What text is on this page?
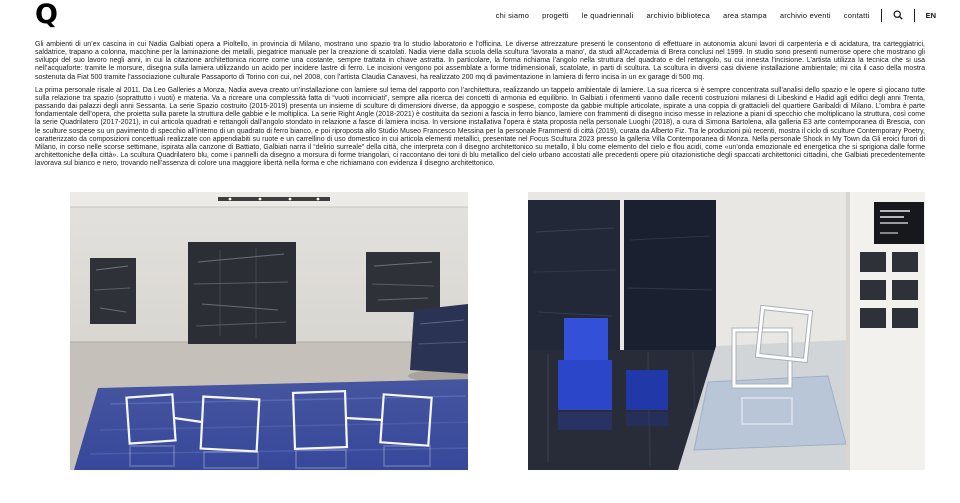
Q	chi siamo progetti le quadriennali archivio biblioteca area stampa archivio eventi contatti	EN

Gli ambienti di un’ex cascina in cui Nadia Galbiati opera a Pioltello, in provincia di Milano, mostrano uno spazio tra lo studio laboratorio e l’officina. Le diverse attrezzature presenti le consentono di effettuare in autonomia alcuni lavori di carpenteria e di acidatura, tra carteggiatrici, saldatrice, trapano a colonna, macchine per la laminazione dei metalli, piegatrice manuale per la creazione di scatolati. Nadia viene dalla scuola della scultura ‘lavorata a mano’, da studi all’Accademia di Brera conclusi nel 1999. In studio sono presenti numerose opere che mostrano gli sviluppi del suo lavoro negli anni, in cui la citazione architettonica ricorre come una costante, sempre trattata in chiave astratta. In particolare, la forma richiama l’angolo nella struttura del quadrato e del rettangolo, su cui innesta l’incisione. L’artista utilizza la tecnica che si usa nell’acquaforte: tramite le morsure, disegna sulla lamiera utilizzando un acido per incidere lastre di ferro. Le incisioni vengono poi assemblate a forme tridimensionali, scatolate, in parti di scultura. La scultura in diversi casi diviene installazione ambientale; mi cita il caso della mostra sostenuta da Fiat 500 tramite l’associazione culturale Passaporto di Torino con cui, nel 2008, con l’artista Claudia Canavesi, ha realizzato 200 mq di pavimentazione in lamiera di ferro incisa in un ex garage di 500 mq.

La prima personale risale al 2011. Da Leo Galleries a Monza, Nadia aveva creato un’installazione con lamiere sul tema del rapporto con l’architettura, realizzando un tappeto ambientale di lamiere. La sua ricerca si è sempre concentrata sull’analisi dello spazio e le opere si giocano tutte sulla relazione tra spazio (soprattutto i vuoti) e materia. Va a ricreare una complessità fatta di “vuoti incorniciati”, sempre alla ricerca dei concetti di armonia ed equilibrio. In Galbiati i riferimenti vanno dalle recenti costruzioni milanesi di Libeskind e Hadid agli edifici degli anni Trenta, passando dai palazzi degli anni Sessanta. La serie Spazio costruito (2015-2019) presenta un insieme di sculture di dimensioni diverse, da appoggio e sospese, composte da gabbie multiple articolate, ispirate a una coppia di grattacieli del quartiere Garibaldi di Milano. L’ombra è parte fondamentale dell’opera, che proietta sulla parete la struttura delle gabbie e le moltiplica. La serie Right Angle (2018-2021) è costituita da sezioni a fascia in ferro bianco, lamiere con frammenti di disegno inciso messe in relazione a piani di specchio che moltiplicano la struttura, così come la serie Quadrilatero (2017-2021), in cui articola quadrati e rettangoli dall’angolo stondato in relazione a fasce di lamiera incisa. In versione installativa l’opera è stata proposta nella personale Luoghi (2018), a cura di Simona Bartolena, alla galleria E3 arte contemporanea di Brescia, con le sculture sospese su un pavimento di specchio all’interno di un quadrato di ferro bianco, e poi riproposta allo Studio Museo Francesco Messina per la personale Frammenti di città (2019), curata da Alberto Fiz. Tra le produzioni più recenti, mostra il ciclo di sculture Contemporary Poetry, caratterizzato da composizioni concettuali realizzate con appendiabiti su ruote e un carrellino di uso domestico in cui articola elementi metallici, presentate nel Focus Scultura 2023 presso la galleria Villa Contemporanea di Monza. Nella personale Shock in My Town da Gli eroici furori di Milano, in corso nelle scorse settimane, ispirata alla canzone di Battiato, Galbiati narra il “delirio surreale” della città, che interpreta con il disegno architettonico su metallo, il blu come elemento del cielo e flou acidi, come «un’onda emozionale ed energetica che si sprigiona dalle forme architettoniche della città». La scultura Quadrilatero blu, come i pannelli da disegno a morsura di forme triangolari, ci raccontano dei toni di blu metallico del cielo urbano accostati alle precedenti opere più citazionistiche degli spaccati architettonici cittadini, che Galbiati precedentemente lavorava sul bianco e nero, trovando nell’assenza di colore una maggiore libertà nella forma e che richiamano con evidenza il disegno architettonico.
